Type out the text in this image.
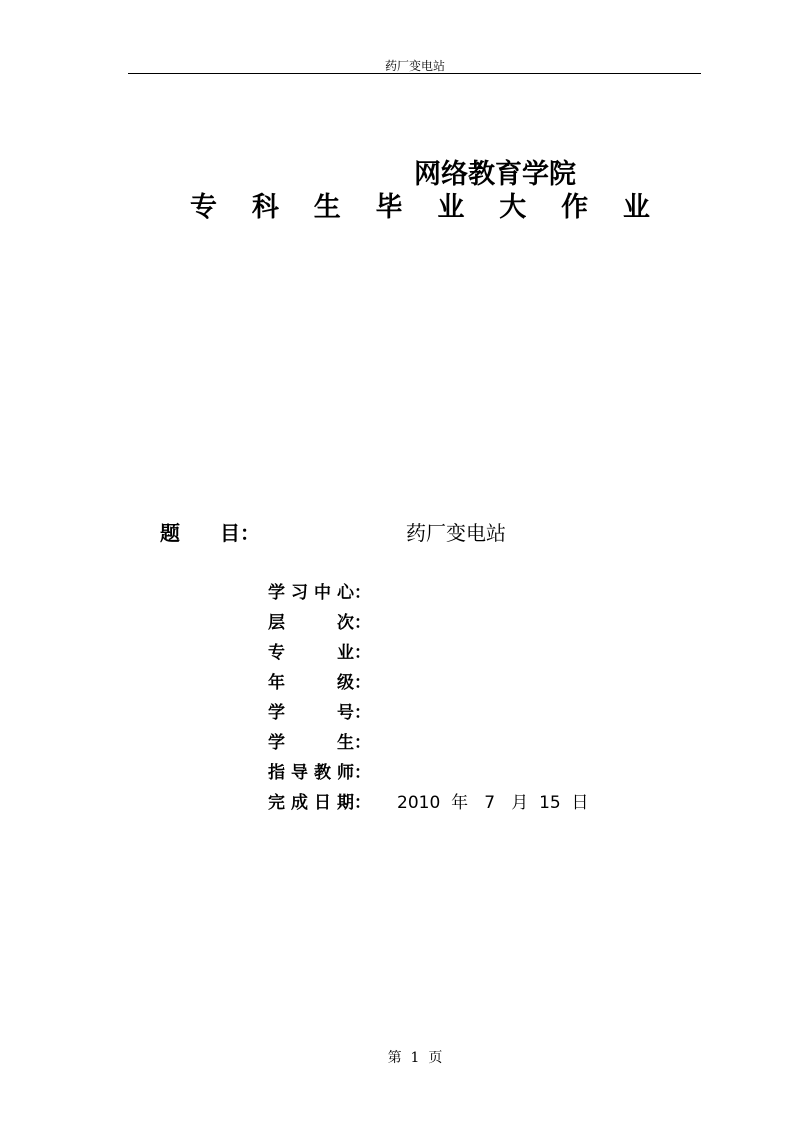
药厂变电站
网络教育学院
专 科 生 毕 业 大 作 业
题 目：	药厂变电站
学 习 中 心 ：
层	次 ：
专	业 ：
年	级 ：
学	号 ：
学	生 ：
指 导 教 师 ：
完 成 日 期 ： 2010  年   7   月  15  日
第  1  页
